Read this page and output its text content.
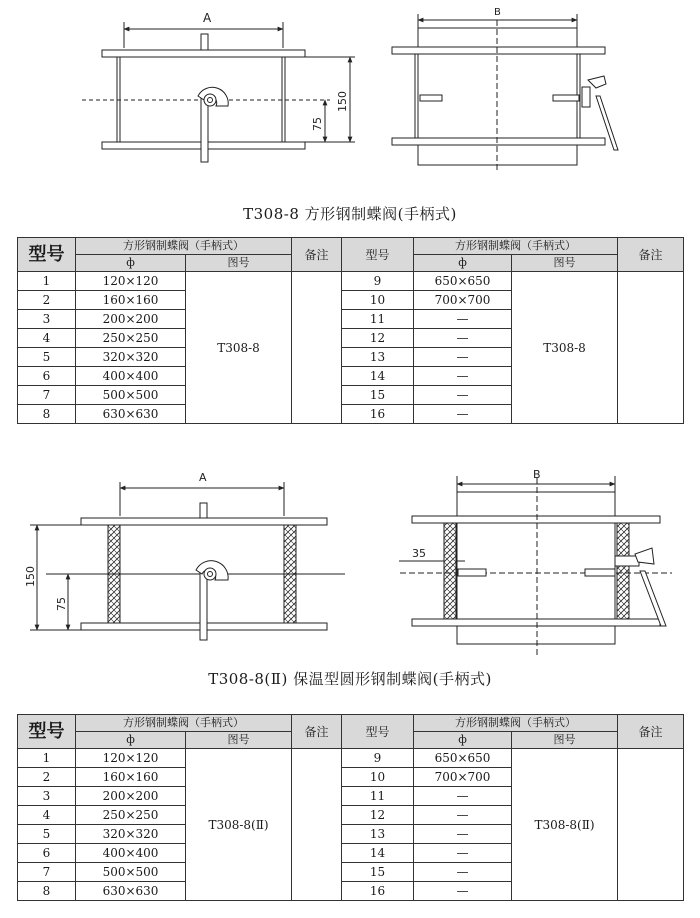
A	B
150
75
T308-8 方形钢制蝶阀(手柄式)
型号	方形钢制蝶阀（手柄式）		备注	型号	方形钢制蝶阀（手柄式）		备注
	ф	图号			ф	图号	
1	120×120	T308-8		9	650×650	T308-8	
2	160×160			10	700×700		
3	200×200			11	—		
4	250×250			12	—		
5	320×320			13	—		
6	400×400			14	—		
7	500×500			15	—		
8	630×630			16	—		
A	B
150
75
35
T308-8(Ⅱ) 保温型圆形钢制蝶阀(手柄式)
型号	方形钢制蝶阀（手柄式）		备注	型号	方形钢制蝶阀（手柄式）		备注
	ф	图号			ф	图号	
1	120×120	T308-8(Ⅱ)		9	650×650	T308-8(Ⅱ)	
2	160×160			10	700×700		
3	200×200			11	—		
4	250×250			12	—		
5	320×320			13	—		
6	400×400			14	—		
7	500×500			15	—		
8	630×630			16	—		
